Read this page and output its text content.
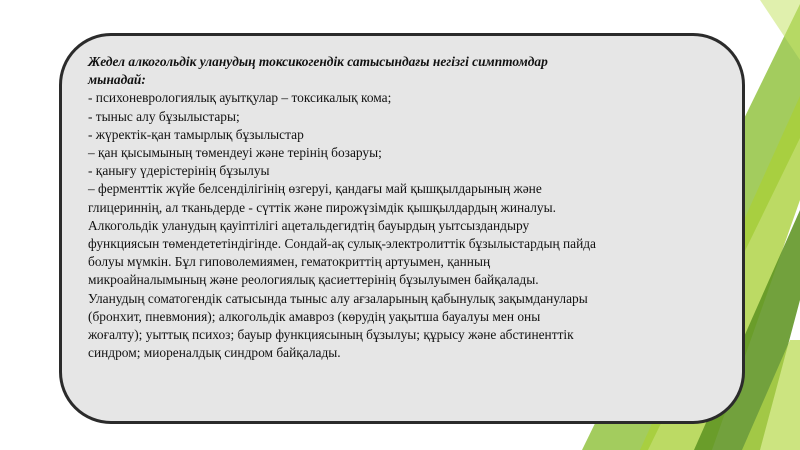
Жедел алкогольдік уланудың токсикогендік сатысындағы негізгі симптомдар

мынадай:

- психоневрологиялық ауытқулар – токсикалық кома;

- тыныс алу бұзылыстары;

- жүректік-қан тамырлық бұзылыстар

– қан қысымының төмендеуі және терінің бозаруы;

- қанығу үдерістерінің бұзылуы

– ферменттік жүйе белсенділігінің өзгеруі, қандағы май қышқылдарының және

глицериннің, ал тканьдерде - сүттік және пирожүзімдік қышқылдардың жиналуы.

Алкогольдік уланудың қауіптілігі ацетальдегидтің бауырдың уытсыздандыру

функциясын төмендететіндігінде. Сондай-ақ сулық-электролиттік бұзылыстардың пайда

болуы мүмкін. Бұл гиповолемиямен, гематокриттің артуымен, қанның

микроайналымының және реологиялық қасиеттерінің бұзылуымен байқалады.

Уланудың соматогендік сатысында тыныс алу ағзаларының қабынулық зақымданулары

(бронхит, пневмония); алкогольдік амавроз (көрудің уақытша бауалуы мен оны

жоғалту); уыттық психоз; бауыр функциясының бұзылуы; құрысу және абстиненттік

синдром; миореналдық синдром байқалады.
